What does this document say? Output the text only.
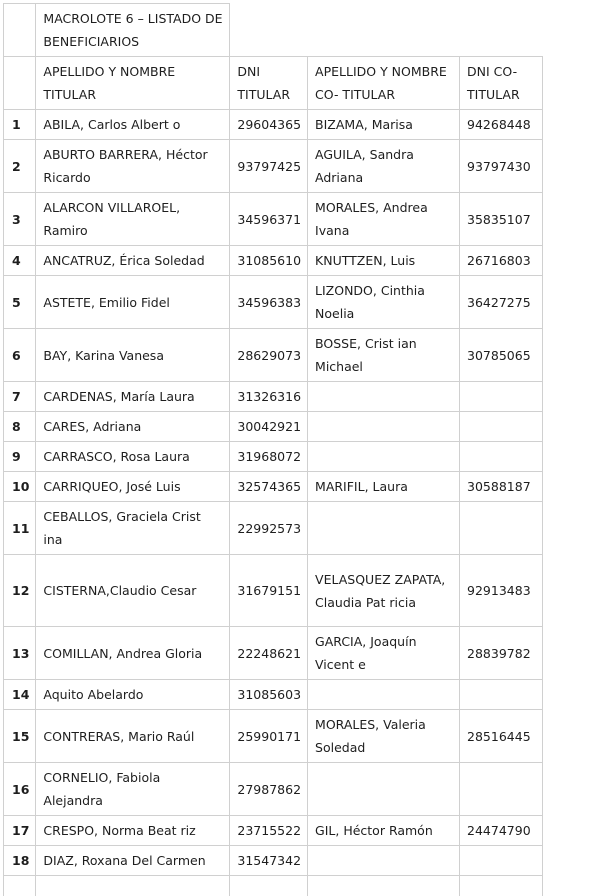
	MACROLOTE 6 – LISTADO DE BENEFICIARIOS			
	APELLIDO Y NOMBRE TITULAR	DNI TITULAR	APELLIDO Y NOMBRE CO- TITULAR	DNI CO- TITULAR
1	ABILA, Carlos Albert o	29604365	BIZAMA, Marisa	94268448
2	ABURTO BARRERA, Héctor Ricardo	93797425	AGUILA, Sandra Adriana	93797430
3	ALARCON VILLAROEL, Ramiro	34596371	MORALES, Andrea Ivana	35835107
4	ANCATRUZ, Érica Soledad	31085610	KNUTTZEN, Luis	26716803
5	ASTETE, Emilio Fidel	34596383	LIZONDO, Cinthia Noelia	36427275
6	BAY, Karina Vanesa	28629073	BOSSE, Crist ian Michael	30785065
7	CARDENAS, María Laura	31326316		
8	CARES, Adriana	30042921		
9	CARRASCO, Rosa Laura	31968072		
10	CARRIQUEO, José Luis	32574365	MARIFIL, Laura	30588187
11	CEBALLOS, Graciela Crist ina	22992573		
12	CISTERNA,Claudio Cesar	31679151	VELASQUEZ ZAPATA, Claudia Pat ricia	92913483
13	COMILLAN, Andrea Gloria	22248621	GARCIA, Joaquín Vicent e	28839782
14	Aquito Abelardo	31085603		
15	CONTRERAS, Mario Raúl	25990171	MORALES, Valeria Soledad	28516445
16	CORNELIO, Fabiola Alejandra	27987862		
17	CRESPO, Norma Beat riz	23715522	GIL, Héctor Ramón	24474790
18	DIAZ, Roxana Del Carmen	31547342		
